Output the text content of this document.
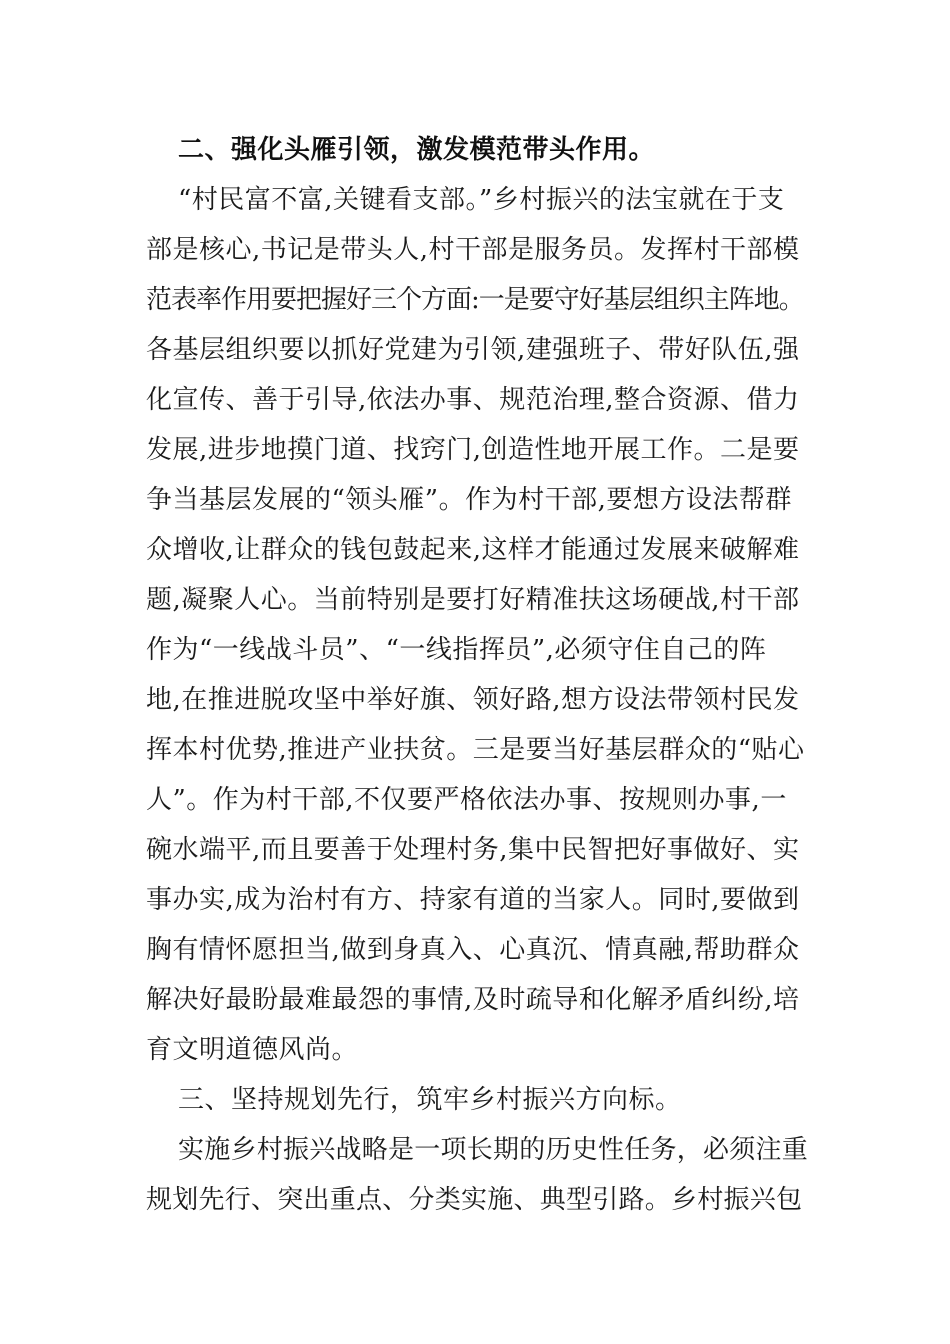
二、强化头雁引领，激发模范带头作用。
“村民富不富,关键看支部。”乡村振兴的法宝就在于支
部是核心,书记是带头人,村干部是服务员。发挥村干部模
范表率作用要把握好三个方面:一是要守好基层组织主阵地。
各基层组织要以抓好党建为引领,建强班子、带好队伍,强
化宣传、善于引导,依法办事、规范治理,整合资源、借力
发展,进步地摸门道、找窍门,创造性地开展工作。二是要
争当基层发展的“领头雁”。作为村干部,要想方设法帮群
众增收,让群众的钱包鼓起来,这样才能通过发展来破解难
题,凝聚人心。当前特别是要打好精准扶这场硬战,村干部
作为“一线战斗员”、“一线指挥员”,必须守住自己的阵
地,在推进脱攻坚中举好旗、领好路,想方设法带领村民发
挥本村优势,推进产业扶贫。三是要当好基层群众的“贴心
人”。作为村干部,不仅要严格依法办事、按规则办事,一
碗水端平,而且要善于处理村务,集中民智把好事做好、实
事办实,成为治村有方、持家有道的当家人。同时,要做到
胸有情怀愿担当,做到身真入、心真沉、情真融,帮助群众
解决好最盼最难最怨的事情,及时疏导和化解矛盾纠纷,培
育文明道德风尚。
三、坚持规划先行，筑牢乡村振兴方向标。
实施乡村振兴战略是一项长期的历史性任务，必须注重
规划先行、突出重点、分类实施、典型引路。乡村振兴包
